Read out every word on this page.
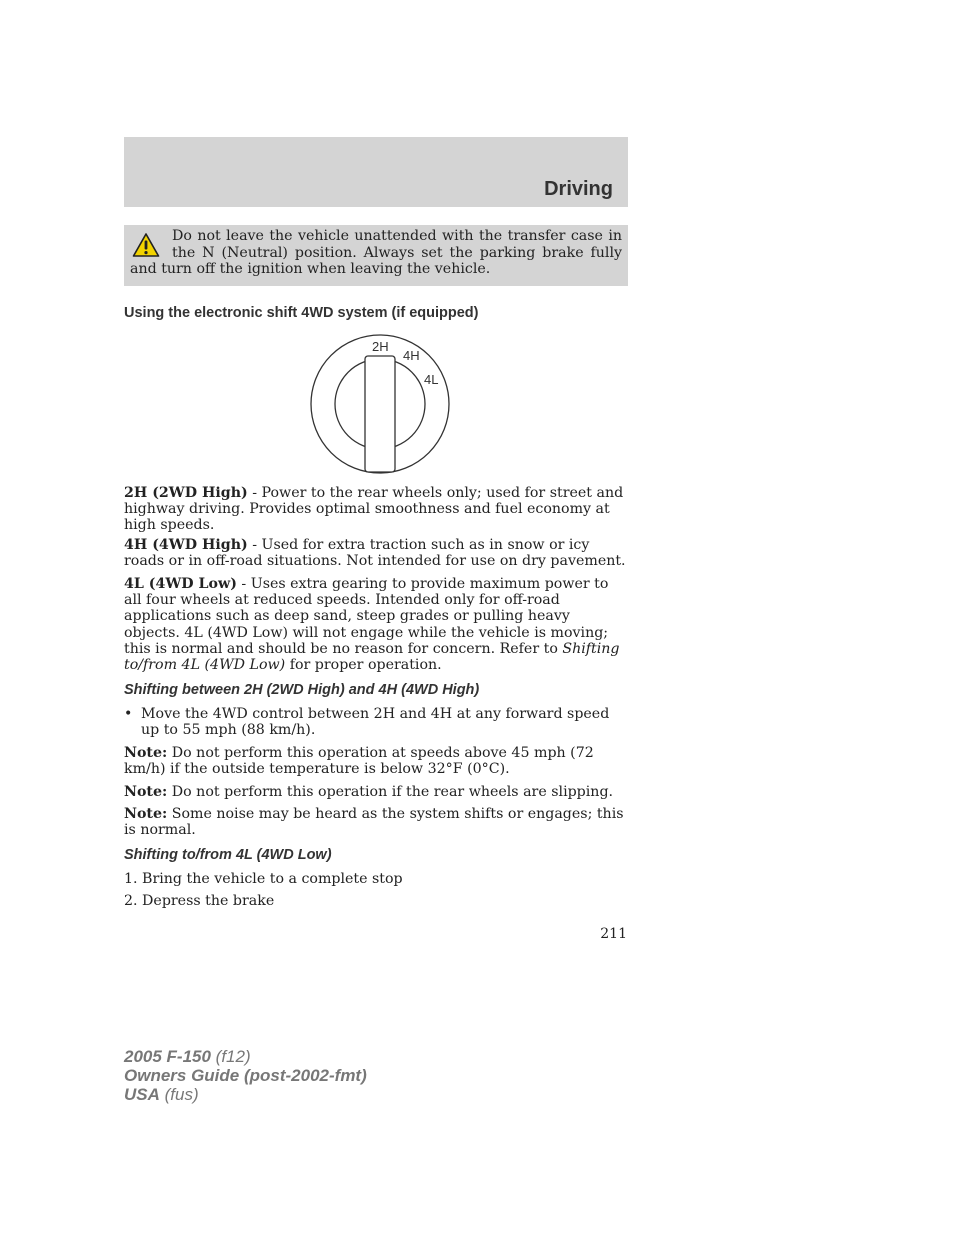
Driving
Do not leave the vehicle unattended with the transfer case in the N (Neutral) position. Always set the parking brake fully and turn off the ignition when leaving the vehicle.
Using the electronic shift 4WD system (if equipped)
2H
4H
4L
2H (2WD High) - Power to the rear wheels only; used for street and highway driving. Provides optimal smoothness and fuel economy at high speeds.
4H (4WD High) - Used for extra traction such as in snow or icy roads or in off-road situations. Not intended for use on dry pavement.
4L (4WD Low) - Uses extra gearing to provide maximum power to all four wheels at reduced speeds. Intended only for off-road applications such as deep sand, steep grades or pulling heavy objects. 4L (4WD Low) will not engage while the vehicle is moving; this is normal and should be no reason for concern. Refer to Shifting to/from 4L (4WD Low) for proper operation.
Shifting between 2H (2WD High) and 4H (4WD High)
• Move the 4WD control between 2H and 4H at any forward speed up to 55 mph (88 km/h).
Note: Do not perform this operation at speeds above 45 mph (72 km/h) if the outside temperature is below 32°F (0°C).
Note: Do not perform this operation if the rear wheels are slipping.
Note: Some noise may be heard as the system shifts or engages; this is normal.
Shifting to/from 4L (4WD Low)
1. Bring the vehicle to a complete stop
2. Depress the brake
211
2005 F-150 (f12)
Owners Guide (post-2002-fmt)
USA (fus)
